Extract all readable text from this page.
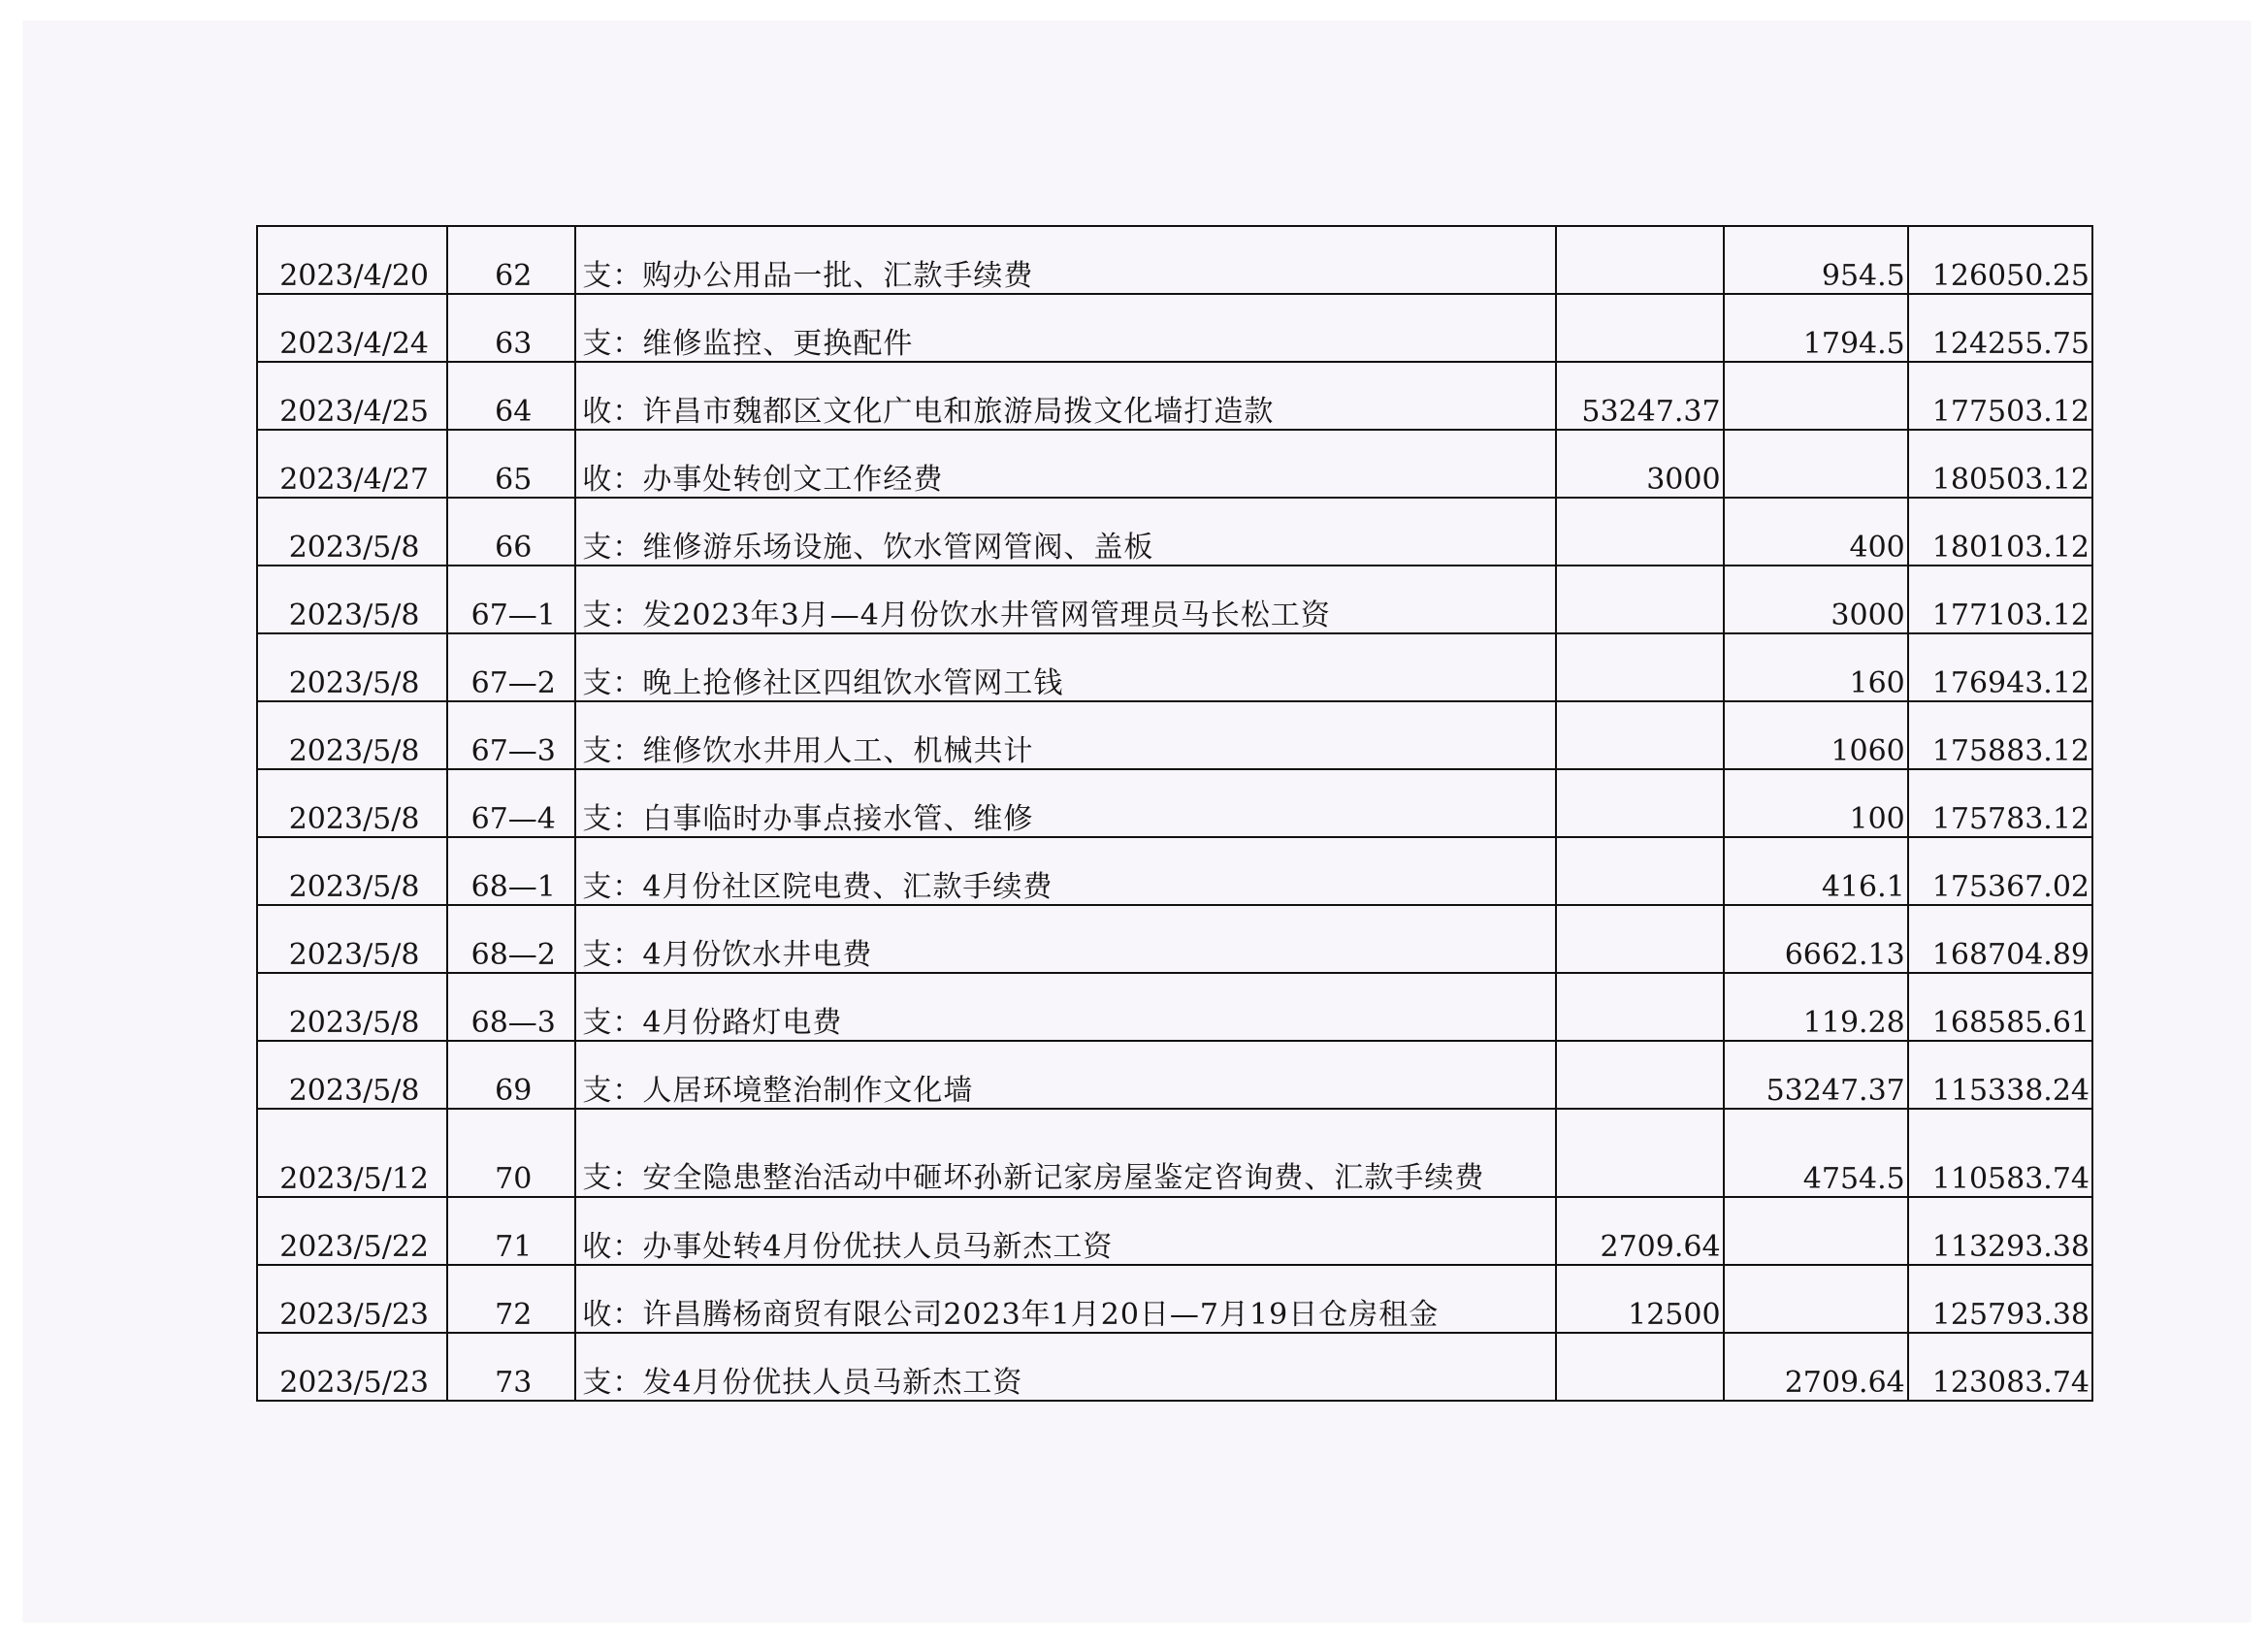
2023/4/20	62	支：购办公用品一批、汇款手续费		954.5	126050.25
2023/4/24	63	支：维修监控、更换配件		1794.5	124255.75
2023/4/25	64	收：许昌市魏都区文化广电和旅游局拨文化墙打造款	53247.37		177503.12
2023/4/27	65	收：办事处转创文工作经费	3000		180503.12
2023/5/8	66	支：维修游乐场设施、饮水管网管阀、盖板		400	180103.12
2023/5/8	67—1	支：发2023年3月—4月份饮水井管网管理员马长松工资		3000	177103.12
2023/5/8	67—2	支：晚上抢修社区四组饮水管网工钱		160	176943.12
2023/5/8	67—3	支：维修饮水井用人工、机械共计		1060	175883.12
2023/5/8	67—4	支：白事临时办事点接水管、维修		100	175783.12
2023/5/8	68—1	支：4月份社区院电费、汇款手续费		416.1	175367.02
2023/5/8	68—2	支：4月份饮水井电费		6662.13	168704.89
2023/5/8	68—3	支：4月份路灯电费		119.28	168585.61
2023/5/8	69	支：人居环境整治制作文化墙		53247.37	115338.24
2023/5/12	70	支：安全隐患整治活动中砸坏孙新记家房屋鉴定咨询费、汇款手续费		4754.5	110583.74
2023/5/22	71	收：办事处转4月份优扶人员马新杰工资	2709.64		113293.38
2023/5/23	72	收：许昌腾杨商贸有限公司2023年1月20日—7月19日仓房租金	12500		125793.38
2023/5/23	73	支：发4月份优扶人员马新杰工资		2709.64	123083.74
